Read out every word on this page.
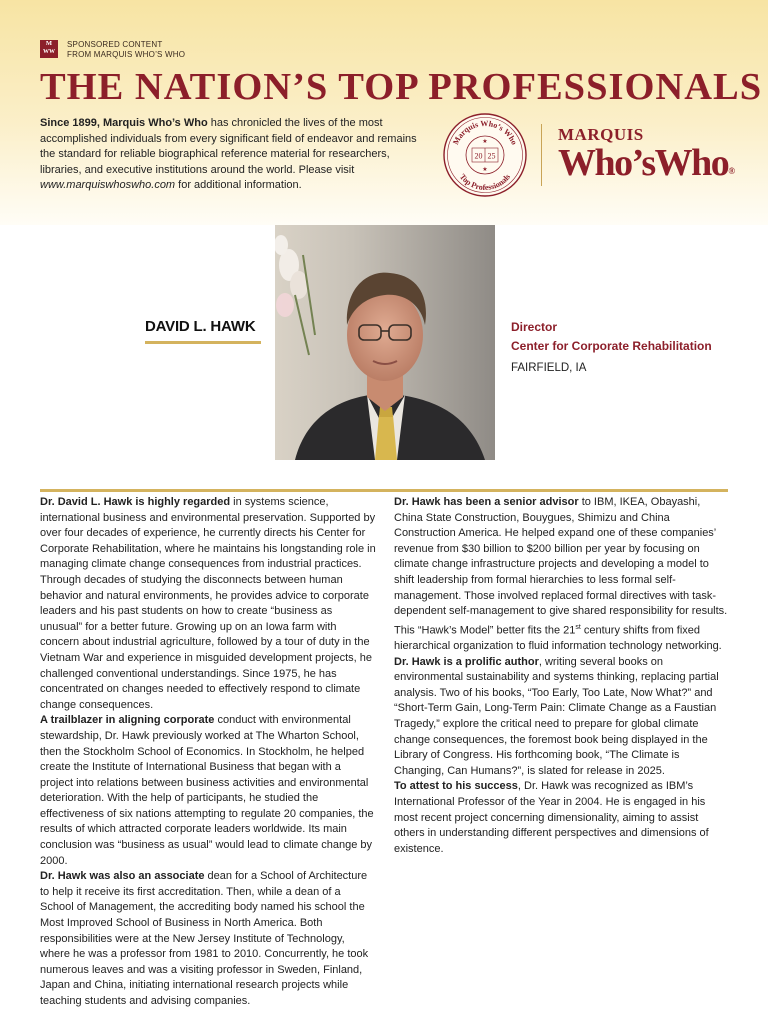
M
WW
SPONSORED CONTENT
FROM MARQUIS WHO’S WHO
THE NATION’S TOP PROFESSIONALS
Since 1899, Marquis Who’s Who has chronicled the lives of the most accomplished individuals from every significant field of endeavor and remains the standard for reliable biographical reference material for researchers, libraries, and executive institutions around the world. Please visit www.marquiswhoswho.com for additional information.
Marquis Who’s Who
Top Professionals
20 25
★
★
MARQUIS
Who’sWho®
DAVID L. HAWK	Director
Center for Corporate Rehabilitation
FAIRFIELD, IA

Dr. David L. Hawk is highly regarded in systems science, international business and environmental preservation. Supported by over four decades of experience, he currently directs his Center for Corporate Rehabilitation, where he maintains his longstanding role in managing climate change consequences from industrial practices. Through decades of studying the disconnects between human behavior and natural environments, he provides advice to corporate leaders and his past students on how to create “business as unusual” for a better future. Growing up on an Iowa farm with concern about industrial agriculture, followed by a tour of duty in the Vietnam War and experience in misguided development projects, he challenged conventional understandings. Since 1975, he has concentrated on changes needed to effectively respond to climate change consequences.

A trailblazer in aligning corporate conduct with environmental stewardship, Dr. Hawk previously worked at The Wharton School, then the Stockholm School of Economics. In Stockholm, he helped create the Institute of International Business that began with a project into relations between business activities and environmental deterioration. With the help of participants, he studied the effectiveness of six nations attempting to regulate 20 companies, the results of which attracted corporate leaders worldwide. Its main conclusion was “business as usual” would lead to climate change by 2000.

Dr. Hawk was also an associate dean for a School of Architecture to help it receive its first accreditation. Then, while a dean of a School of Management, the accrediting body named his school the Most Improved School of Business in North America. Both responsibilities were at the New Jersey Institute of Technology, where he was a professor from 1981 to 2010. Concurrently, he took numerous leaves and was a visiting professor in Sweden, Finland, Japan and China, initiating international research projects while teaching students and advising companies.

Dr. Hawk has been a senior advisor to IBM, IKEA, Obayashi, China State Construction, Bouygues, Shimizu and China Construction America. He helped expand one of these companies’ revenue from $30 billion to $200 billion per year by focusing on climate change infrastructure projects and developing a model to shift leadership from formal hierarchies to less formal self-management. Those involved replaced formal directives with task-dependent self-management to give shared responsibility for results. This “Hawk’s Model” better fits the 21st century shifts from fixed hierarchical organization to fluid information technology networking.

Dr. Hawk is a prolific author, writing several books on environmental sustainability and systems thinking, replacing partial analysis. Two of his books, “Too Early, Too Late, Now What?” and “Short-Term Gain, Long-Term Pain: Climate Change as a Faustian Tragedy,” explore the critical need to prepare for global climate change consequences, the foremost book being displayed in the Library of Congress. His forthcoming book, “The Climate is Changing, Can Humans?”, is slated for release in 2025.

To attest to his success, Dr. Hawk was recognized as IBM’s International Professor of the Year in 2004. He is engaged in his most recent project concerning dimensionality, aiming to assist others in understanding different perspectives and dimensions of existence.	M
WW
